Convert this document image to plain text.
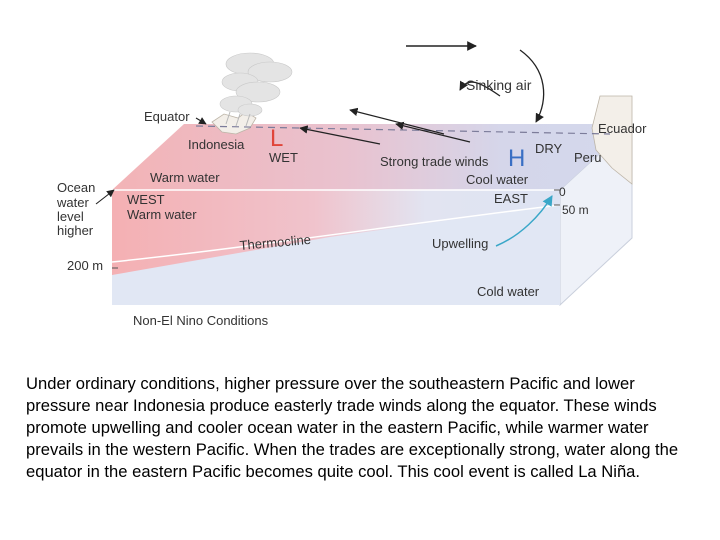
Sinking air
Equator
Ecuador
L
Indonesia
WET
DRY
H
Strong trade winds	Peru
Warm water	Cool water
Ocean
water
level
higher
WEST
Warm water
EAST	0
50 m
Thermocline	Upwelling
200 m
Cold water
Non-El Nino Conditions

Under ordinary conditions, higher pressure over the southeastern Pacific and lower pressure near Indonesia produce easterly trade winds along the equator. These winds promote upwelling and cooler ocean water in the eastern Pacific, while warmer water prevails in the western Pacific. When the trades are exceptionally strong, water along the equator in the eastern Pacific becomes quite cool. This cool event is called La Niña.
